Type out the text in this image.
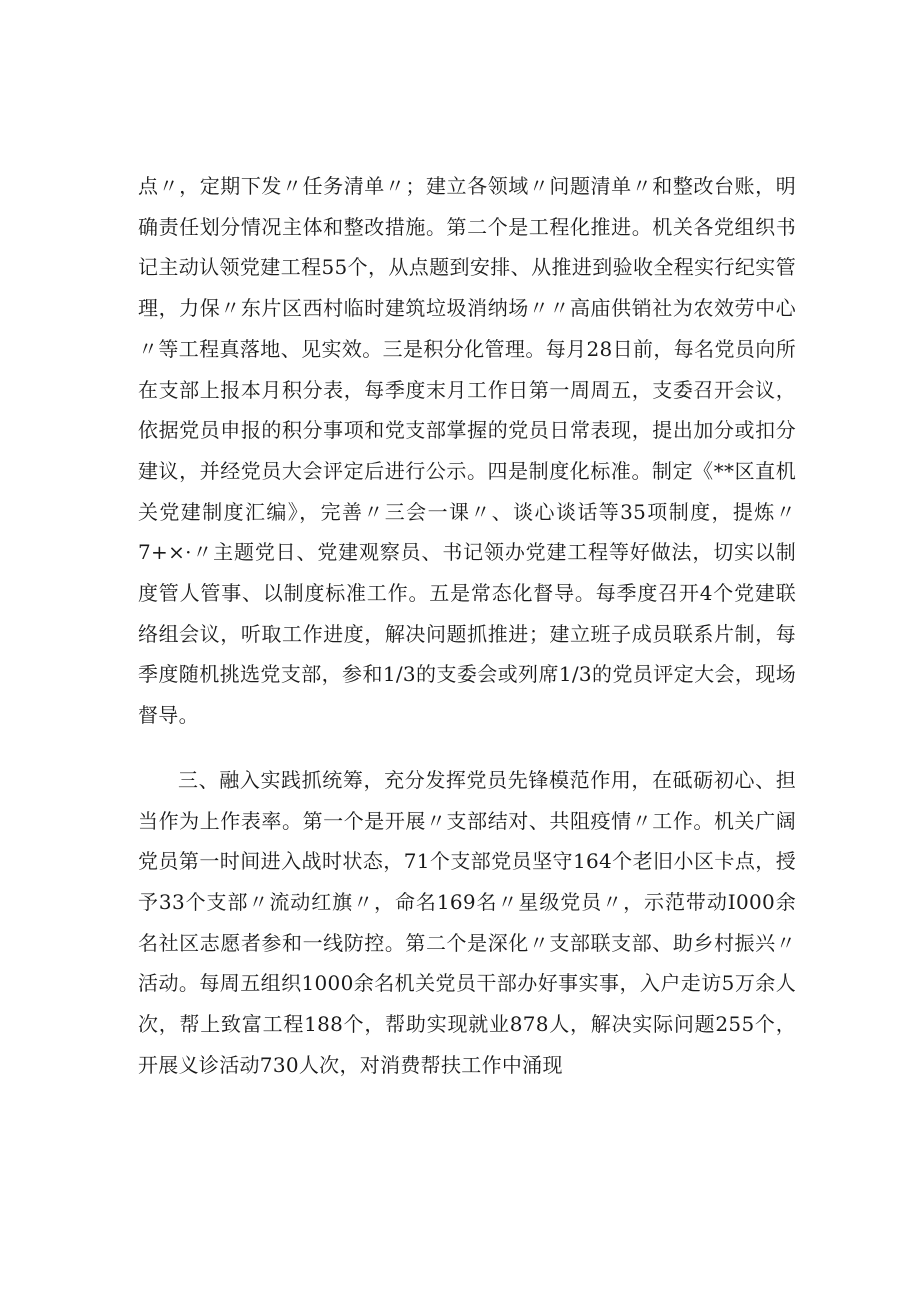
点〃，定期下发〃任务清单〃；建立各领域〃问题清单〃和整改台账，明确责任划分情况主体和整改措施。第二个是工程化推进。机关各党组织书记主动认领党建工程55个，从点题到安排、从推进到验收全程实行纪实管理，力保〃东片区西村临时建筑垃圾消纳场〃〃高庙供销社为农效劳中心〃等工程真落地、见实效。三是积分化管理。每月28日前，每名党员向所在支部上报本月积分表，每季度末月工作日第一周周五，支委召开会议，依据党员申报的积分事项和党支部掌握的党员日常表现，提出加分或扣分建议，并经党员大会评定后进行公示。四是制度化标准。制定《**区直机关党建制度汇编》，完善〃三会一课〃、谈心谈话等35项制度，提炼〃7+×·〃主题党日、党建观察员、书记领办党建工程等好做法，切实以制度管人管事、以制度标准工作。五是常态化督导。每季度召开4个党建联络组会议，听取工作进度，解决问题抓推进；建立班子成员联系片制，每季度随机挑选党支部，参和1/3的支委会或列席1/3的党员评定大会，现场督导。

三、融入实践抓统筹，充分发挥党员先锋模范作用，在砥砺初心、担当作为上作表率。第一个是开展〃支部结对、共阻疫情〃工作。机关广阔党员第一时间进入战时状态，71个支部党员坚守164个老旧小区卡点，授予33个支部〃流动红旗〃，命名169名〃星级党员〃，示范带动I000余名社区志愿者参和一线防控。第二个是深化〃支部联支部、助乡村振兴〃活动。每周五组织1000余名机关党员干部办好事实事，入户走访5万余人次，帮上致富工程188个，帮助实现就业878人，解决实际问题255个，开展义诊活动730人次，对消费帮扶工作中涌现
